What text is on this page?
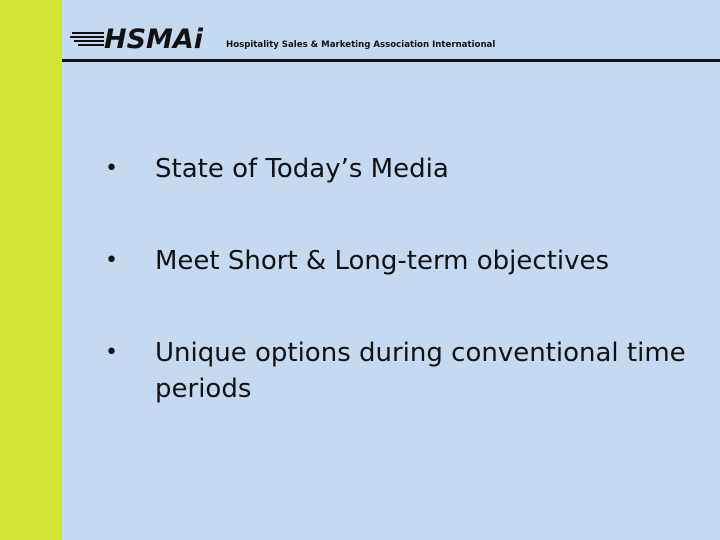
HSMAi	Hospitality Sales & Marketing Association International
• State of Today’s Media
• Meet Short & Long-term objectives
• Unique options during conventional time periods
